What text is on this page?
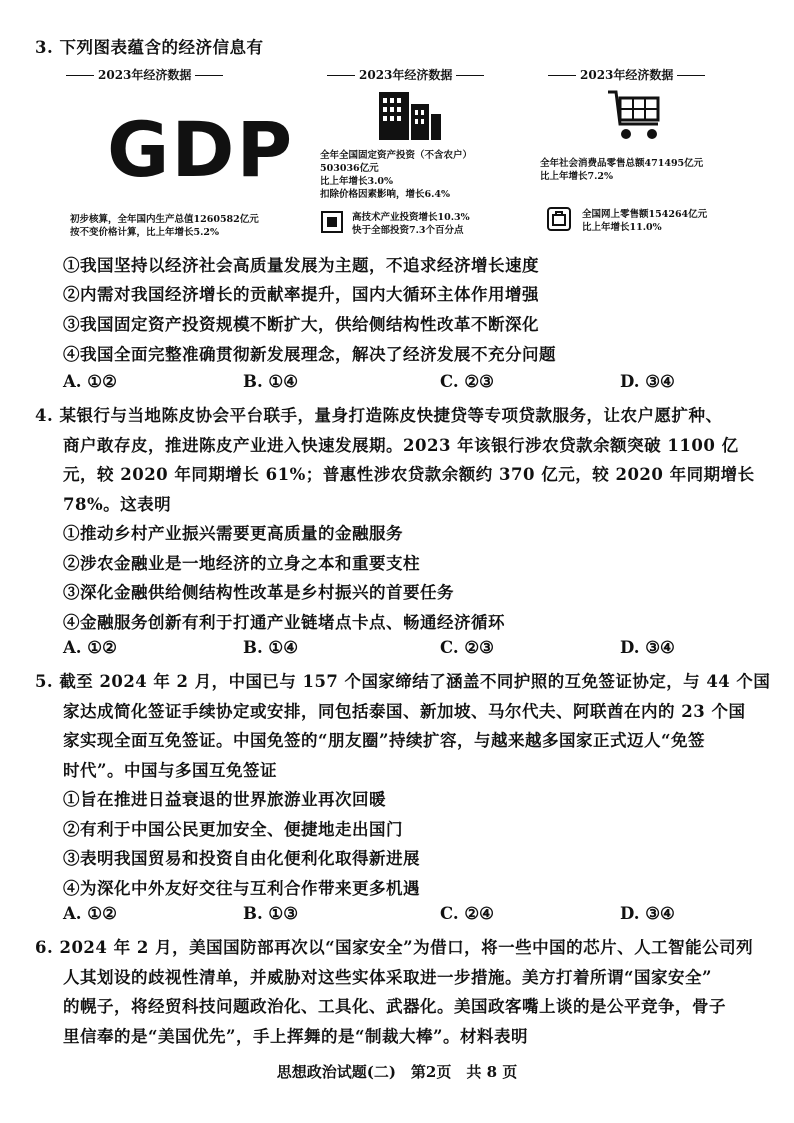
3. 下列图表蕴含的经济信息有
2023年经济数据
GDP
初步核算，全年国内生产总值1260582亿元
按不变价格计算，比上年增长5.2%
2023年经济数据
全年全国固定资产投资（不含农户）
503036亿元
比上年增长3.0%
扣除价格因素影响，增长6.4%
高技术产业投资增长10.3%
快于全部投资7.3个百分点
2023年经济数据
全年社会消费品零售总额471495亿元
比上年增长7.2%
全国网上零售额154264亿元
比上年增长11.0%
①我国坚持以经济社会高质量发展为主题，不追求经济增长速度
②内需对我国经济增长的贡献率提升，国内大循环主体作用增强
③我国固定资产投资规模不断扩大，供给侧结构性改革不断深化
④我国全面完整准确贯彻新发展理念，解决了经济发展不充分问题
A. ①②	B. ①④	C. ②③	D. ③④
4. 某银行与当地陈皮协会平台联手，量身打造陈皮快捷贷等专项贷款服务，让农户愿扩种、
商户敢存皮，推进陈皮产业进入快速发展期。2023 年该银行涉农贷款余额突破 1100 亿
元，较 2020 年同期增长 61%；普惠性涉农贷款余额约 370 亿元，较 2020 年同期增长
78%。这表明
①推动乡村产业振兴需要更高质量的金融服务
②涉农金融业是一地经济的立身之本和重要支柱
③深化金融供给侧结构性改革是乡村振兴的首要任务
④金融服务创新有利于打通产业链堵点卡点、畅通经济循环
A. ①②	B. ①④	C. ②③	D. ③④
5. 截至 2024 年 2 月，中国已与 157 个国家缔结了涵盖不同护照的互免签证协定，与 44 个国
家达成简化签证手续协定或安排，同包括泰国、新加坡、马尔代夫、阿联酋在内的 23 个国
家实现全面互免签证。中国免签的“朋友圈”持续扩容，与越来越多国家正式迈人“免签
时代”。中国与多国互免签证
①旨在推进日益衰退的世界旅游业再次回暖
②有利于中国公民更加安全、便捷地走出国门
③表明我国贸易和投资自由化便利化取得新进展
④为深化中外友好交往与互利合作带来更多机遇
A. ①②	B. ①③	C. ②④	D. ③④
6. 2024 年 2 月，美国国防部再次以“国家安全”为借口，将一些中国的芯片、人工智能公司列
人其划设的歧视性清单，并威胁对这些实体采取进一步措施。美方打着所谓“国家安全”
的幌子，将经贸科技问题政治化、工具化、武器化。美国政客嘴上谈的是公平竞争，骨子
里信奉的是“美国优先”，手上挥舞的是“制裁大棒”。材料表明
思想政治试题(二)　第2页　共 8 页
